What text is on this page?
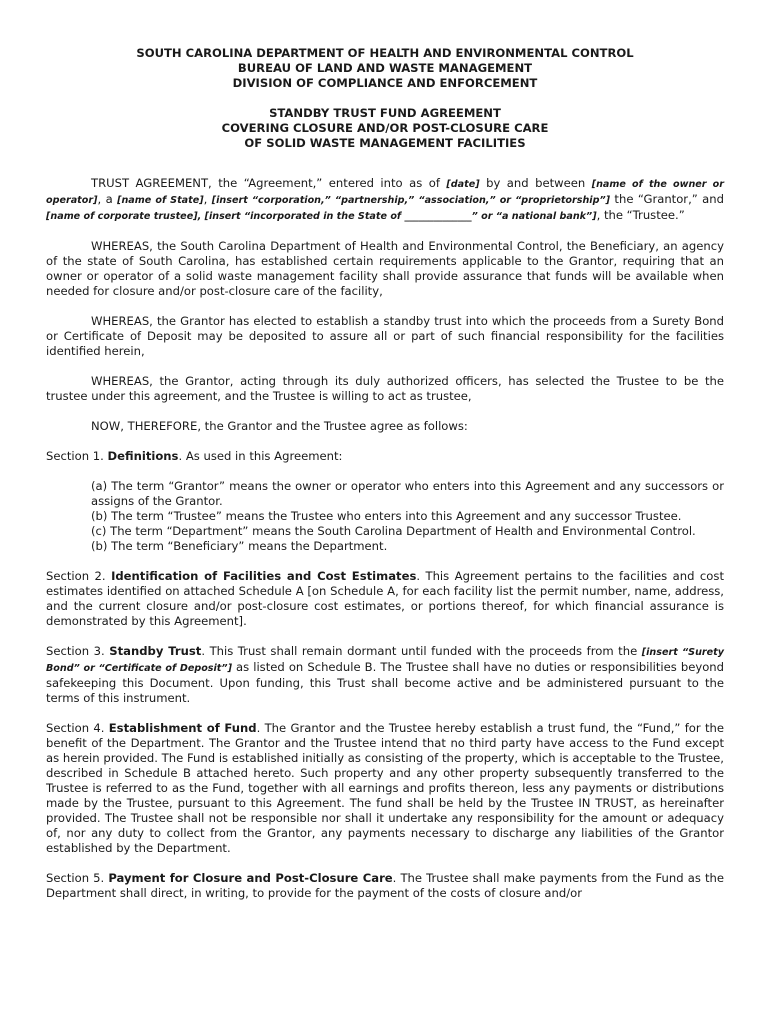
SOUTH CAROLINA DEPARTMENT OF HEALTH AND ENVIRONMENTAL CONTROL
BUREAU OF LAND AND WASTE MANAGEMENT
DIVISION OF COMPLIANCE AND ENFORCEMENT
STANDBY TRUST FUND AGREEMENT
COVERING CLOSURE AND/OR POST-CLOSURE CARE
OF SOLID WASTE MANAGEMENT FACILITIES

TRUST AGREEMENT, the “Agreement,” entered into as of [date] by and between [name of the owner or operator], a [name of State], [insert “corporation,” “partnership,” “association,” or “proprietorship”] the “Grantor,” and [name of corporate trustee], [insert “incorporated in the State of ______________” or “a national bank”], the “Trustee.”

WHEREAS, the South Carolina Department of Health and Environmental Control, the Beneficiary, an agency of the state of South Carolina, has established certain requirements applicable to the Grantor, requiring that an owner or operator of a solid waste management facility shall provide assurance that funds will be available when needed for closure and/or post-closure care of the facility,

WHEREAS, the Grantor has elected to establish a standby trust into which the proceeds from a Surety Bond or Certificate of Deposit may be deposited to assure all or part of such financial responsibility for the facilities identified herein,

WHEREAS, the Grantor, acting through its duly authorized officers, has selected the Trustee to be the trustee under this agreement, and the Trustee is willing to act as trustee,

NOW, THEREFORE, the Grantor and the Trustee agree as follows:

Section 1. Definitions. As used in this Agreement:

(a) The term “Grantor” means the owner or operator who enters into this Agreement and any successors or assigns of the Grantor.

(b) The term “Trustee” means the Trustee who enters into this Agreement and any successor Trustee.

(c) The term “Department” means the South Carolina Department of Health and Environmental Control.

(b) The term “Beneficiary” means the Department.

Section 2. Identification of Facilities and Cost Estimates. This Agreement pertains to the facilities and cost estimates identified on attached Schedule A [on Schedule A, for each facility list the permit number, name, address, and the current closure and/or post-closure cost estimates, or portions thereof, for which financial assurance is demonstrated by this Agreement].

Section 3. Standby Trust. This Trust shall remain dormant until funded with the proceeds from the [insert “Surety Bond” or “Certificate of Deposit”] as listed on Schedule B. The Trustee shall have no duties or responsibilities beyond safekeeping this Document. Upon funding, this Trust shall become active and be administered pursuant to the terms of this instrument.

Section 4. Establishment of Fund. The Grantor and the Trustee hereby establish a trust fund, the “Fund,” for the benefit of the Department. The Grantor and the Trustee intend that no third party have access to the Fund except as herein provided. The Fund is established initially as consisting of the property, which is acceptable to the Trustee, described in Schedule B attached hereto. Such property and any other property subsequently transferred to the Trustee is referred to as the Fund, together with all earnings and profits thereon, less any payments or distributions made by the Trustee, pursuant to this Agreement. The fund shall be held by the Trustee IN TRUST, as hereinafter provided. The Trustee shall not be responsible nor shall it undertake any responsibility for the amount or adequacy of, nor any duty to collect from the Grantor, any payments necessary to discharge any liabilities of the Grantor established by the Department.

Section 5. Payment for Closure and Post-Closure Care. The Trustee shall make payments from the Fund as the Department shall direct, in writing, to provide for the payment of the costs of closure and/or
